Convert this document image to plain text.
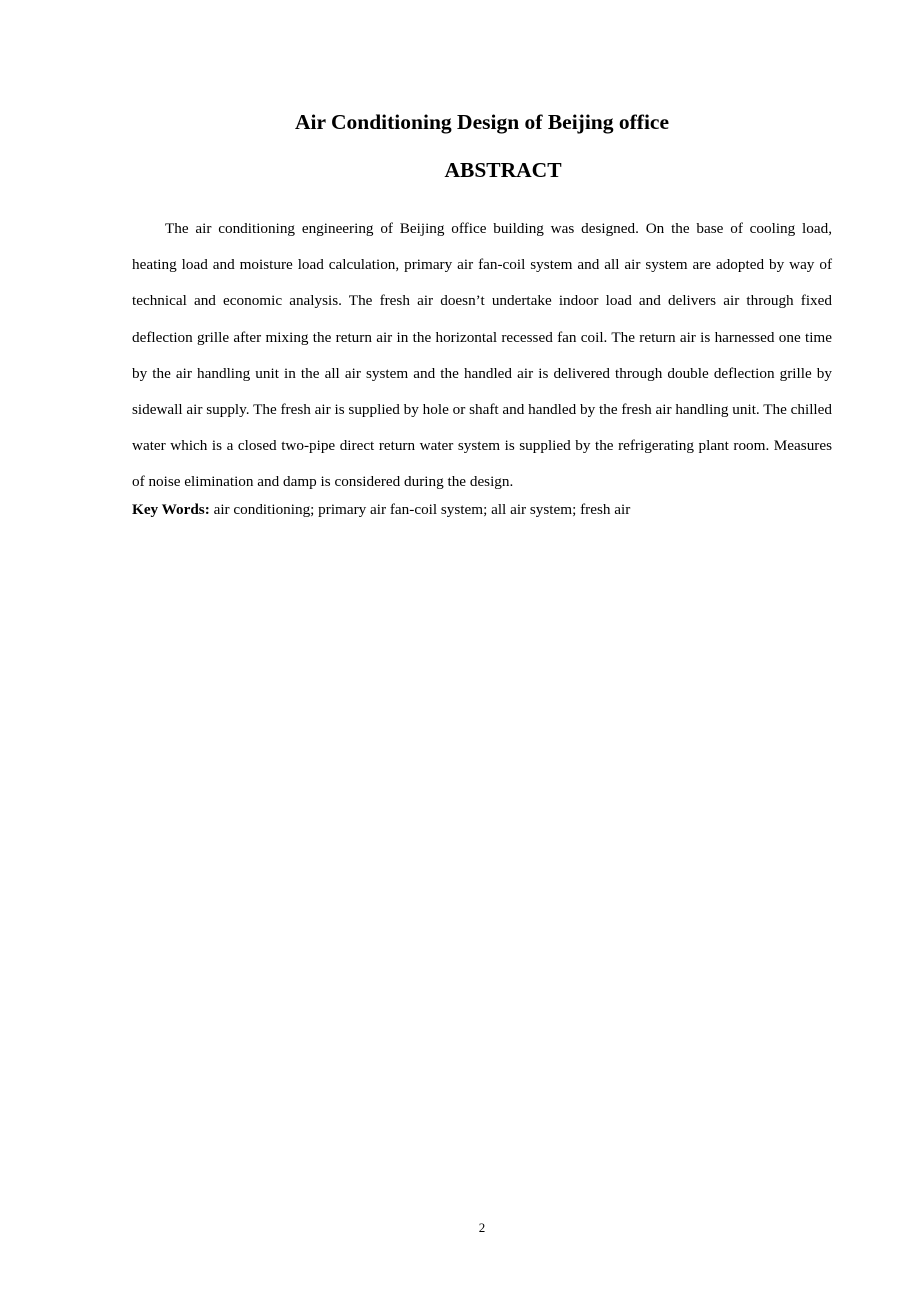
Air Conditioning Design of Beijing office
ABSTRACT

The air conditioning engineering of Beijing office building was designed. On the base of cooling load, heating load and moisture load calculation, primary air fan-coil system and all air system are adopted by way of technical and economic analysis. The fresh air doesn’t undertake indoor load and delivers air through fixed deflection grille after mixing the return air in the horizontal recessed fan coil. The return air is harnessed one time by the air handling unit in the all air system and the handled air is delivered through double deflection grille by sidewall air supply. The fresh air is supplied by hole or shaft and handled by the fresh air handling unit. The chilled water which is a closed two-pipe direct return water system is supplied by the refrigerating plant room. Measures of noise elimination and damp is considered during the design.

Key Words: air conditioning; primary air fan-coil system; all air system; fresh air
2
